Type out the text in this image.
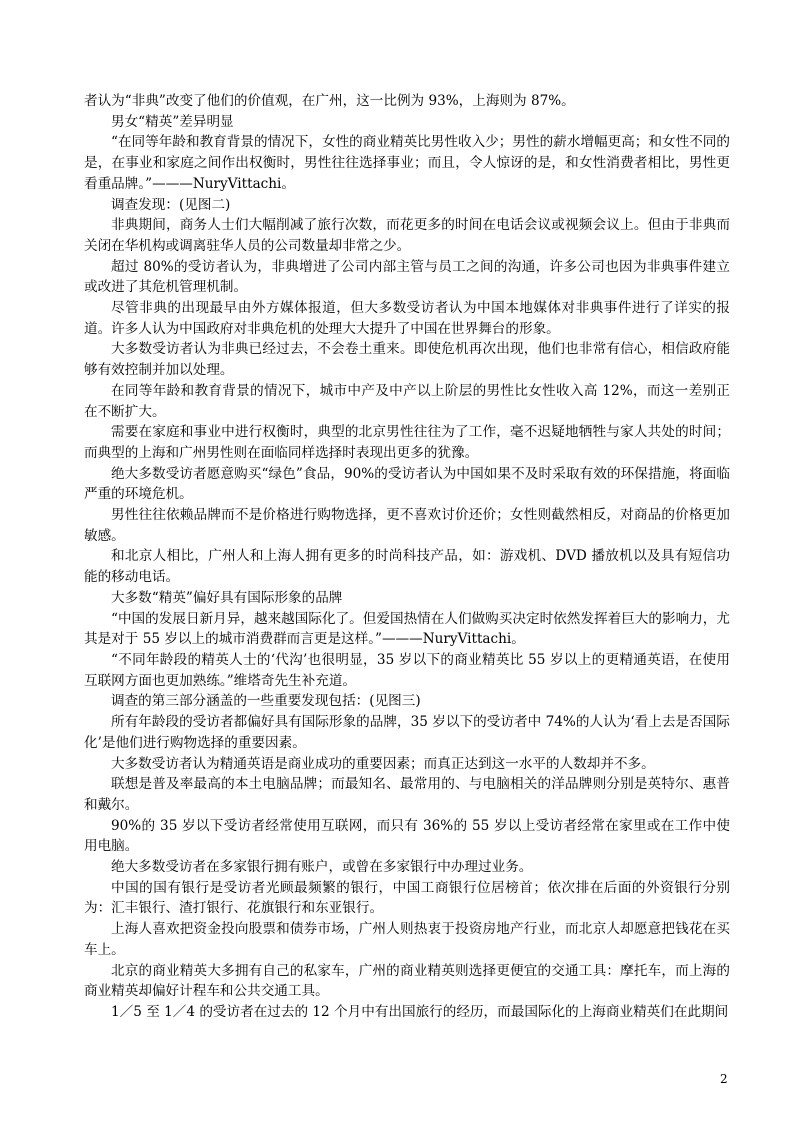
者认为“非典”改变了他们的价值观，在广州，这一比例为 93%，上海则为 87%。

男女“精英”差异明显

“在同等年龄和教育背景的情况下，女性的商业精英比男性收入少；男性的薪水增幅更高；和女性不同的是，在事业和家庭之间作出权衡时，男性往往选择事业；而且，令人惊讶的是，和女性消费者相比，男性更看重品牌。”———NuryVittachi。

调查发现：(见图二)

非典期间，商务人士们大幅削减了旅行次数，而花更多的时间在电话会议或视频会议上。但由于非典而关闭在华机构或调离驻华人员的公司数量却非常之少。

超过 80%的受访者认为，非典增进了公司内部主管与员工之间的沟通，许多公司也因为非典事件建立或改进了其危机管理机制。

尽管非典的出现最早由外方媒体报道，但大多数受访者认为中国本地媒体对非典事件进行了详实的报道。许多人认为中国政府对非典危机的处理大大提升了中国在世界舞台的形象。

大多数受访者认为非典已经过去，不会卷土重来。即使危机再次出现，他们也非常有信心，相信政府能够有效控制并加以处理。

在同等年龄和教育背景的情况下，城市中产及中产以上阶层的男性比女性收入高 12%，而这一差别正在不断扩大。

需要在家庭和事业中进行权衡时，典型的北京男性往往为了工作，毫不迟疑地牺牲与家人共处的时间；而典型的上海和广州男性则在面临同样选择时表现出更多的犹豫。

绝大多数受访者愿意购买“绿色”食品，90%的受访者认为中国如果不及时采取有效的环保措施，将面临严重的环境危机。

男性往往依赖品牌而不是价格进行购物选择，更不喜欢讨价还价；女性则截然相反，对商品的价格更加敏感。

和北京人相比，广州人和上海人拥有更多的时尚科技产品，如：游戏机、DVD 播放机以及具有短信功能的移动电话。

大多数“精英”偏好具有国际形象的品牌

“中国的发展日新月异，越来越国际化了。但爱国热情在人们做购买决定时依然发挥着巨大的影响力，尤其是对于 55 岁以上的城市消费群而言更是这样。”———NuryVittachi。

“不同年龄段的精英人士的‘代沟’也很明显，35 岁以下的商业精英比 55 岁以上的更精通英语，在使用互联网方面也更加熟练。”维塔奇先生补充道。

调查的第三部分涵盖的一些重要发现包括：(见图三)

所有年龄段的受访者都偏好具有国际形象的品牌，35 岁以下的受访者中 74%的人认为‘看上去是否国际化’是他们进行购物选择的重要因素。

大多数受访者认为精通英语是商业成功的重要因素；而真正达到这一水平的人数却并不多。

联想是普及率最高的本土电脑品牌；而最知名、最常用的、与电脑相关的洋品牌则分别是英特尔、惠普和戴尔。

90%的 35 岁以下受访者经常使用互联网，而只有 36%的 55 岁以上受访者经常在家里或在工作中使用电脑。

绝大多数受访者在多家银行拥有账户，或曾在多家银行中办理过业务。

中国的国有银行是受访者光顾最频繁的银行，中国工商银行位居榜首；依次排在后面的外资银行分别为：汇丰银行、渣打银行、花旗银行和东亚银行。

上海人喜欢把资金投向股票和债券市场，广州人则热衷于投资房地产行业，而北京人却愿意把钱花在买车上。

北京的商业精英大多拥有自己的私家车，广州的商业精英则选择更便宜的交通工具：摩托车，而上海的商业精英却偏好计程车和公共交通工具。

1／5 至 1／4 的受访者在过去的 12 个月中有出国旅行的经历，而最国际化的上海商业精英们在此期间

2
